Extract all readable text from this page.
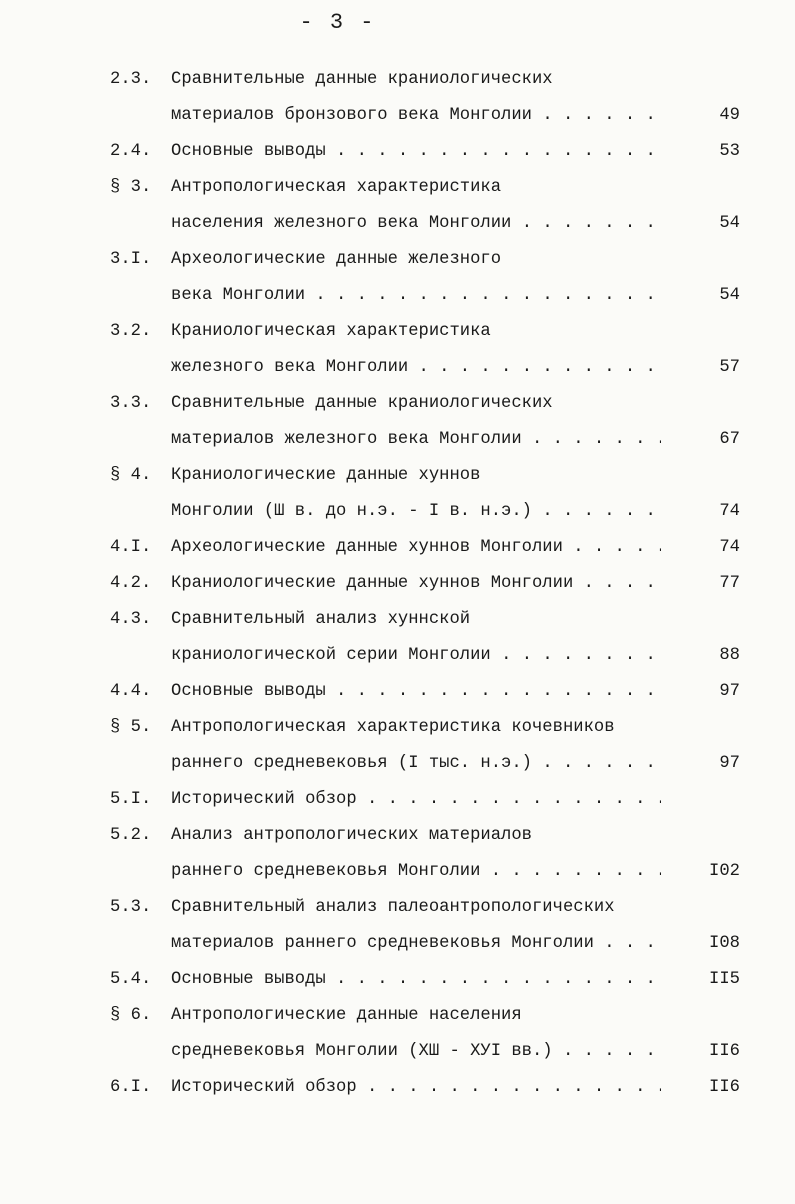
- 3 -
2.3.	Сравнительные данные краниологических
материалов бронзового века Монголии . . .	49
2.4.	Основные выводы . . .	53
§ 3.	Антропологическая характеристика
населения железного века Монголии . . .	54
3.I.	Археологические данные железного
века Монголии . . .	54
3.2.	Краниологическая характеристика
железного века Монголии . . .	57
3.3.	Сравнительные данные краниологических
материалов железного века Монголии . . .	67
§ 4.	Краниологические данные хуннов
Монголии (Ш в. до н.э. - I в. н.э.) . . .	74
4.I.	Археологические данные хуннов Монголии . . .	74
4.2.	Краниологические данные хуннов Монголии . . .	77
4.3.	Сравнительный анализ хуннской
краниологической серии Монголии . . .	88
4.4.	Основные выводы . . .	97
§ 5.	Антропологическая характеристика кочевников
раннего средневековья (I тыс. н.э.) . . .	97
5.I.	Исторический обзор . . .
5.2.	Анализ антропологических материалов
раннего средневековья Монголии . . .	I02
5.3.	Сравнительный анализ палеоантропологических
материалов раннего средневековья Монголии . . .	I08
5.4.	Основные выводы . . .	II5
§ 6.	Антропологические данные населения
средневековья Монголии (XШ - XУI вв.) . . .	II6
6.I.	Исторический обзор . . .	II6
